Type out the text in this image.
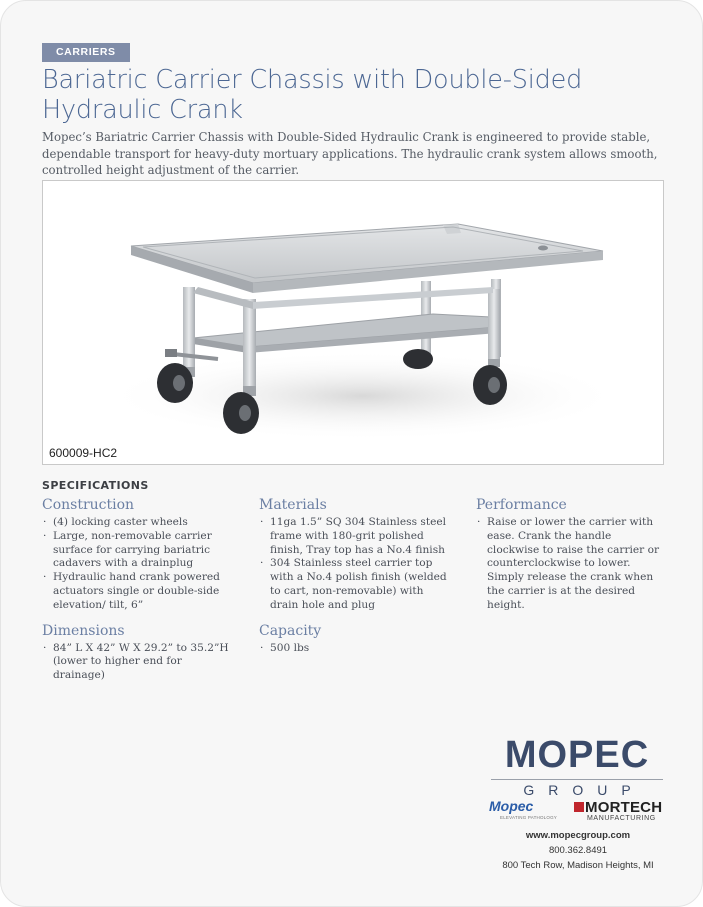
CARRIERS
Bariatric Carrier Chassis with Double-Sided Hydraulic Crank

Mopec’s Bariatric Carrier Chassis with Double-Sided Hydraulic Crank is engineered to provide stable, dependable transport for heavy-duty mortuary applications. The hydraulic crank system allows smooth, controlled height adjustment of the carrier.

600009-HC2
SPECIFICATIONS
Construction
· (4) locking caster wheels
· Large, non-removable carrier surface for carrying bariatric cadavers with a drainplug
· Hydraulic hand crank powered actuators single or double-side elevation/ tilt, 6”
Dimensions
· 84” L X 42” W X 29.2” to 35.2”H (lower to higher end for drainage)
Materials
· 11ga 1.5” SQ 304 Stainless steel frame with 180-grit polished finish, Tray top has a No.4 finish
· 304 Stainless steel carrier top with a No.4 polish finish (welded to cart, non-removable) with drain hole and plug
Capacity
· 500 lbs
Performance
· Raise or lower the carrier with ease. Crank the handle clockwise to raise the carrier or counterclockwise to lower. Simply release the crank when the carrier is at the desired height.
MOPEC
GROUP
Mopec
ELEVATING PATHOLOGY
MORTECH
MANUFACTURING
www.mopecgroup.com
800.362.8491
800 Tech Row, Madison Heights, MI
